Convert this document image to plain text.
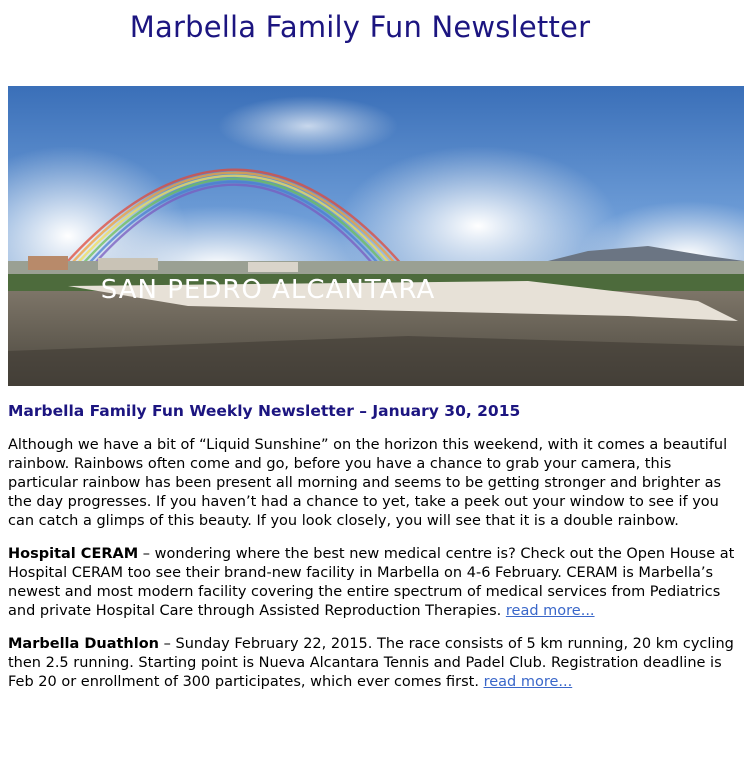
Marbella Family Fun Newsletter
SAN PEDRO ALCANTARA
Marbella Family Fun Weekly Newsletter – January 30, 2015

Although we have a bit of “Liquid Sunshine” on the horizon this weekend, with it comes a beautiful rainbow. Rainbows often come and go, before you have a chance to grab your camera, this particular rainbow has been present all morning and seems to be getting stronger and brighter as the day progresses. If you haven’t had a chance to yet, take a peek out your window to see if you can catch a glimps of this beauty. If you look closely, you will see that it is a double rainbow.

Hospital CERAM – wondering where the best new medical centre is? Check out the Open House at Hospital CERAM too see their brand-new facility in Marbella on 4-6 February. CERAM is Marbella’s newest and most modern facility covering the entire spectrum of medical services from Pediatrics and private Hospital Care through Assisted Reproduction Therapies. read more...

Marbella Duathlon – Sunday February 22, 2015. The race consists of 5 km running, 20 km cycling then 2.5 running. Starting point is Nueva Alcantara Tennis and Padel Club. Registration deadline is Feb 20 or enrollment of 300 participates, which ever comes first. read more...
